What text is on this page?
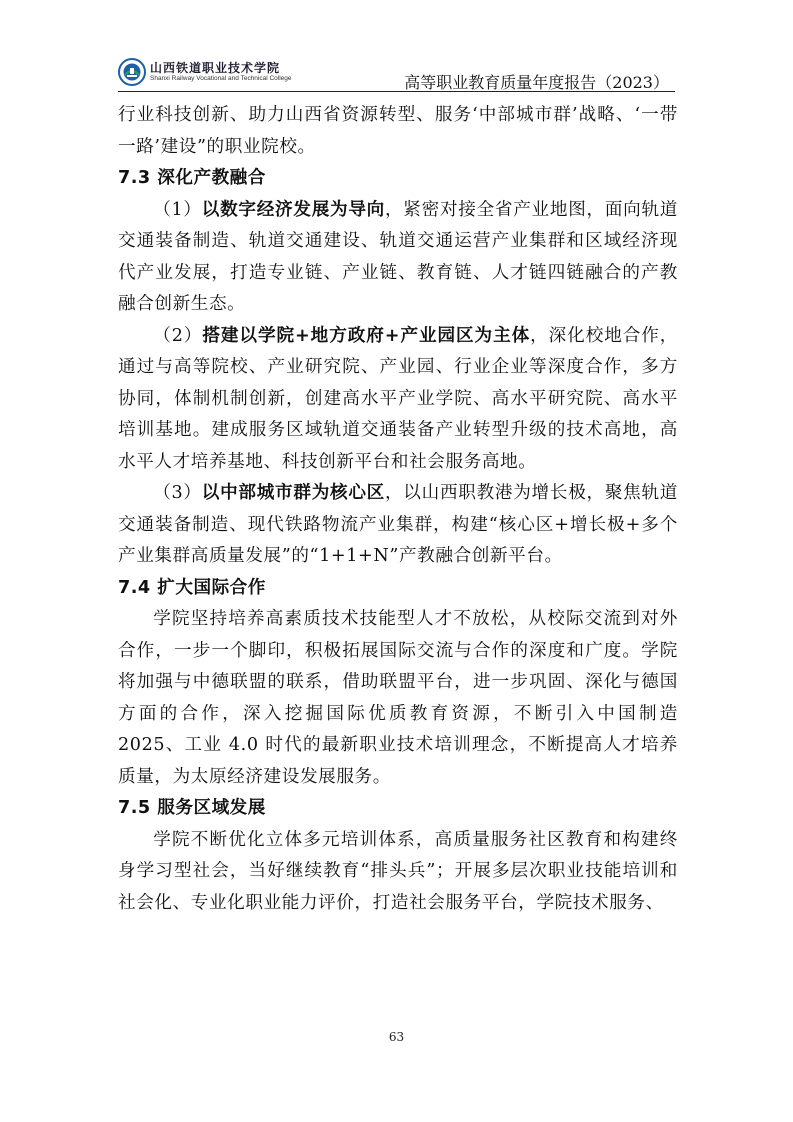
山西铁道职业技术学院
Shanxi Railway Vocational and Technical College	高等职业教育质量年度报告（2023）

行业科技创新、助力山西省资源转型、服务‘中部城市群’战略、‘一带一路’建设”的职业院校。

7.3 深化产教融合

（1）以数字经济发展为导向，紧密对接全省产业地图，面向轨道交通装备制造、轨道交通建设、轨道交通运营产业集群和区域经济现代产业发展，打造专业链、产业链、教育链、人才链四链融合的产教融合创新生态。

（2）搭建以学院+地方政府+产业园区为主体，深化校地合作，通过与高等院校、产业研究院、产业园、行业企业等深度合作，多方协同，体制机制创新，创建高水平产业学院、高水平研究院、高水平培训基地。建成服务区域轨道交通装备产业转型升级的技术高地，高水平人才培养基地、科技创新平台和社会服务高地。

（3）以中部城市群为核心区，以山西职教港为增长极，聚焦轨道交通装备制造、现代铁路物流产业集群，构建“核心区+增长极+多个产业集群高质量发展”的“1+1+N”产教融合创新平台。

7.4 扩大国际合作

学院坚持培养高素质技术技能型人才不放松，从校际交流到对外合作，一步一个脚印，积极拓展国际交流与合作的深度和广度。学院将加强与中德联盟的联系，借助联盟平台，进一步巩固、深化与德国方面的合作，深入挖掘国际优质教育资源，不断引入中国制造 2025、工业 4.0 时代的最新职业技术培训理念，不断提高人才培养质量，为太原经济建设发展服务。

7.5 服务区域发展

学院不断优化立体多元培训体系，高质量服务社区教育和构建终身学习型社会，当好继续教育“排头兵”；开展多层次职业技能培训和社会化、专业化职业能力评价，打造社会服务平台，学院技术服务、

63
